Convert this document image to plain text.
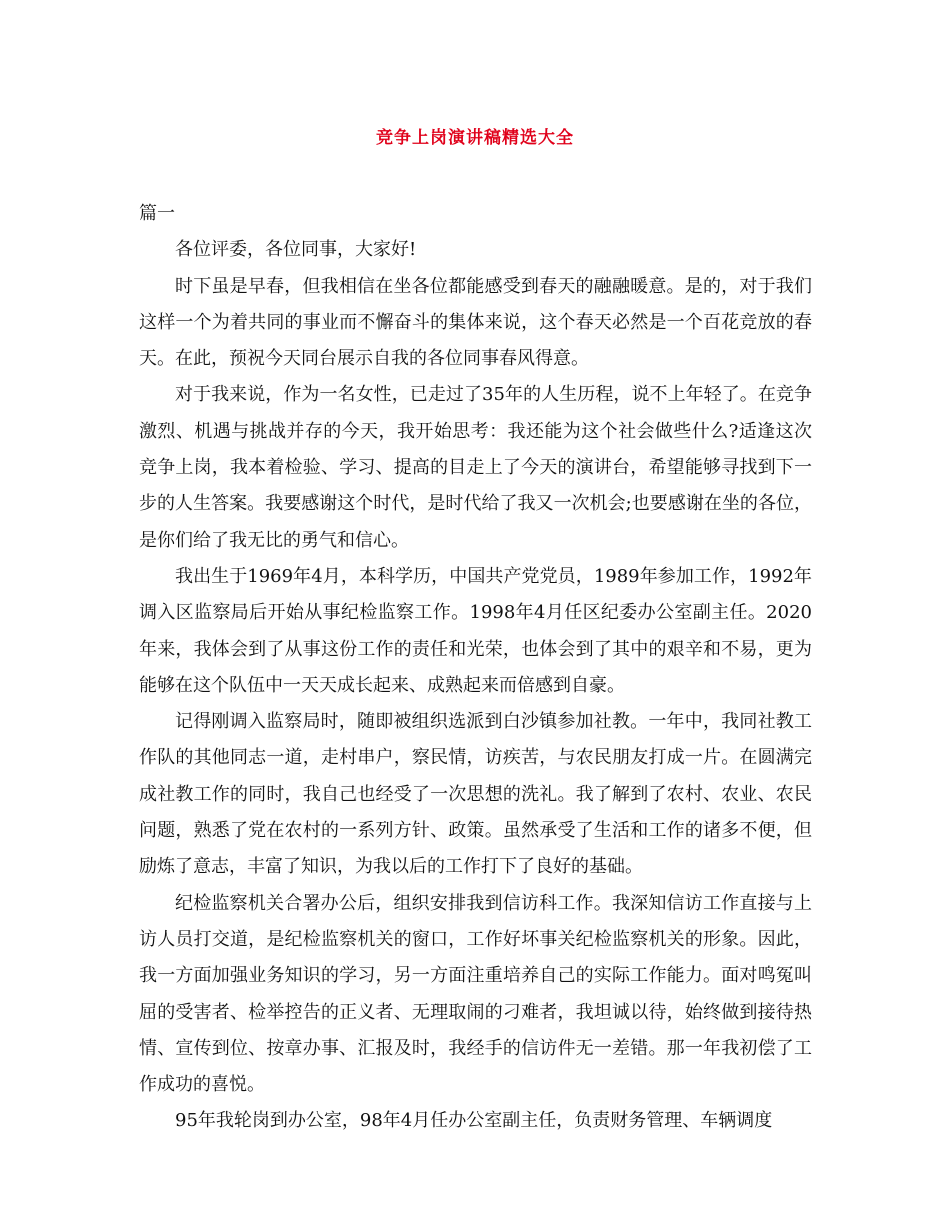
竞争上岗演讲稿精选大全

篇一

各位评委，各位同事，大家好!

时下虽是早春，但我相信在坐各位都能感受到春天的融融暖意。是的，对于我们这样一个为着共同的事业而不懈奋斗的集体来说，这个春天必然是一个百花竞放的春天。在此，预祝今天同台展示自我的各位同事春风得意。

对于我来说，作为一名女性，已走过了35年的人生历程，说不上年轻了。在竞争激烈、机遇与挑战并存的今天，我开始思考：我还能为这个社会做些什么?适逢这次竞争上岗，我本着检验、学习、提高的目走上了今天的演讲台，希望能够寻找到下一步的人生答案。我要感谢这个时代，是时代给了我又一次机会;也要感谢在坐的各位，是你们给了我无比的勇气和信心。

我出生于1969年4月，本科学历，中国共产党党员，1989年参加工作，1992年调入区监察局后开始从事纪检监察工作。1998年4月任区纪委办公室副主任。2020年来，我体会到了从事这份工作的责任和光荣，也体会到了其中的艰辛和不易，更为能够在这个队伍中一天天成长起来、成熟起来而倍感到自豪。

记得刚调入监察局时，随即被组织选派到白沙镇参加社教。一年中，我同社教工作队的其他同志一道，走村串户，察民情，访疾苦，与农民朋友打成一片。在圆满完成社教工作的同时，我自己也经受了一次思想的洗礼。我了解到了农村、农业、农民问题，熟悉了党在农村的一系列方针、政策。虽然承受了生活和工作的诸多不便，但励炼了意志，丰富了知识，为我以后的工作打下了良好的基础。

纪检监察机关合署办公后，组织安排我到信访科工作。我深知信访工作直接与上访人员打交道，是纪检监察机关的窗口，工作好坏事关纪检监察机关的形象。因此，我一方面加强业务知识的学习，另一方面注重培养自己的实际工作能力。面对鸣冤叫屈的受害者、检举控告的正义者、无理取闹的刁难者，我坦诚以待，始终做到接待热情、宣传到位、按章办事、汇报及时，我经手的信访件无一差错。那一年我初偿了工作成功的喜悦。

95年我轮岗到办公室，98年4月任办公室副主任，负责财务管理、车辆调度
